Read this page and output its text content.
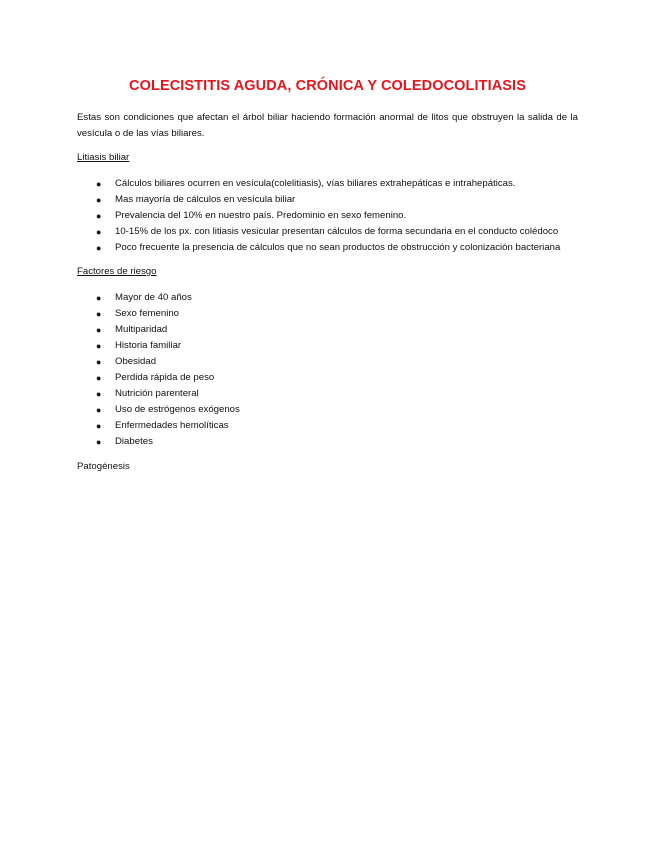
COLECISTITIS AGUDA, CRÓNICA Y COLEDOCOLITIASIS

Estas son condiciones que afectan el árbol biliar haciendo formación anormal de litos que obstruyen la salida de la vesícula o de las vías biliares.

Litiasis biliar

● Cálculos biliares ocurren en vesícula(colelitiasis), vías biliares extrahepáticas e intrahepáticas.
● Mas mayoría de cálculos en vesícula biliar
● Prevalencia del 10% en nuestro país. Predominio en sexo femenino.
● 10-15% de los px. con litiasis vesicular presentan cálculos de forma secundaria en el conducto colédoco
● Poco frecuente la presencia de cálculos que no sean productos de obstrucción y colonización bacteriana

Factores de riesgo

● Mayor de 40 años
● Sexo femenino
● Multiparidad
● Historia familiar
● Obesidad
● Perdida rápida de peso
● Nutrición parenteral
● Uso de estrógenos exógenos
● Enfermedades hemolíticas
● Diabetes

Patogénesis
